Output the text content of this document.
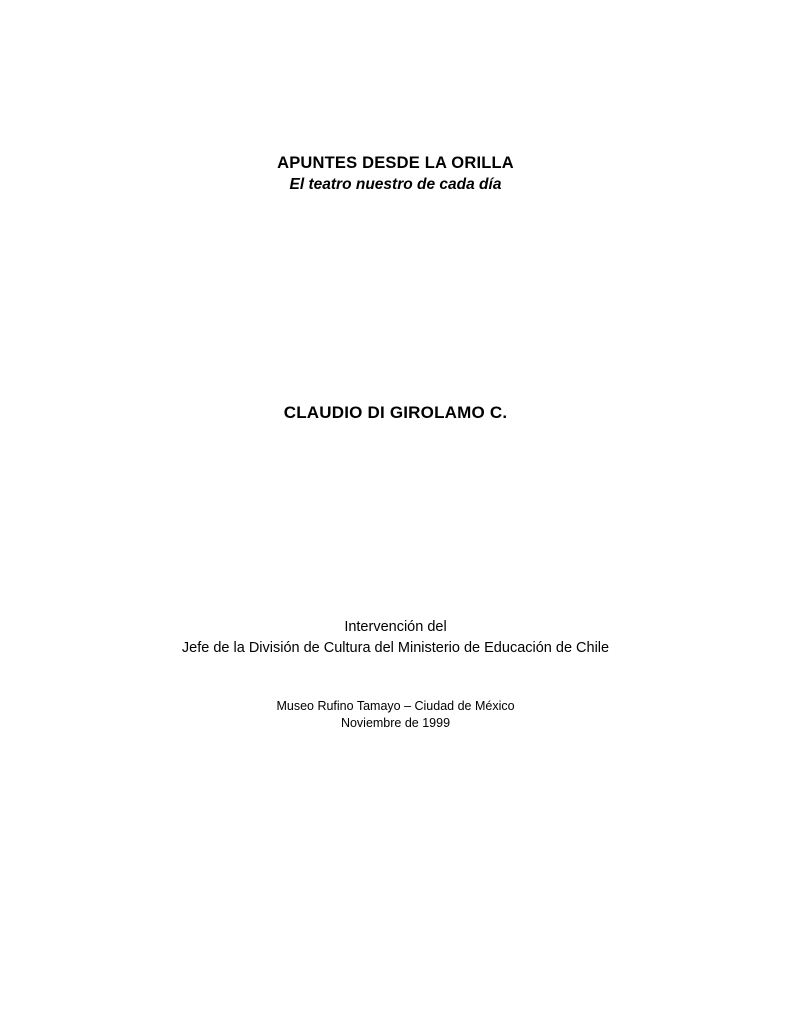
APUNTES DESDE LA ORILLA
El teatro nuestro de cada día

CLAUDIO DI GIROLAMO C.

Intervención del

Jefe de la División de Cultura del Ministerio de Educación de Chile

Museo Rufino Tamayo – Ciudad de México

Noviembre de 1999
